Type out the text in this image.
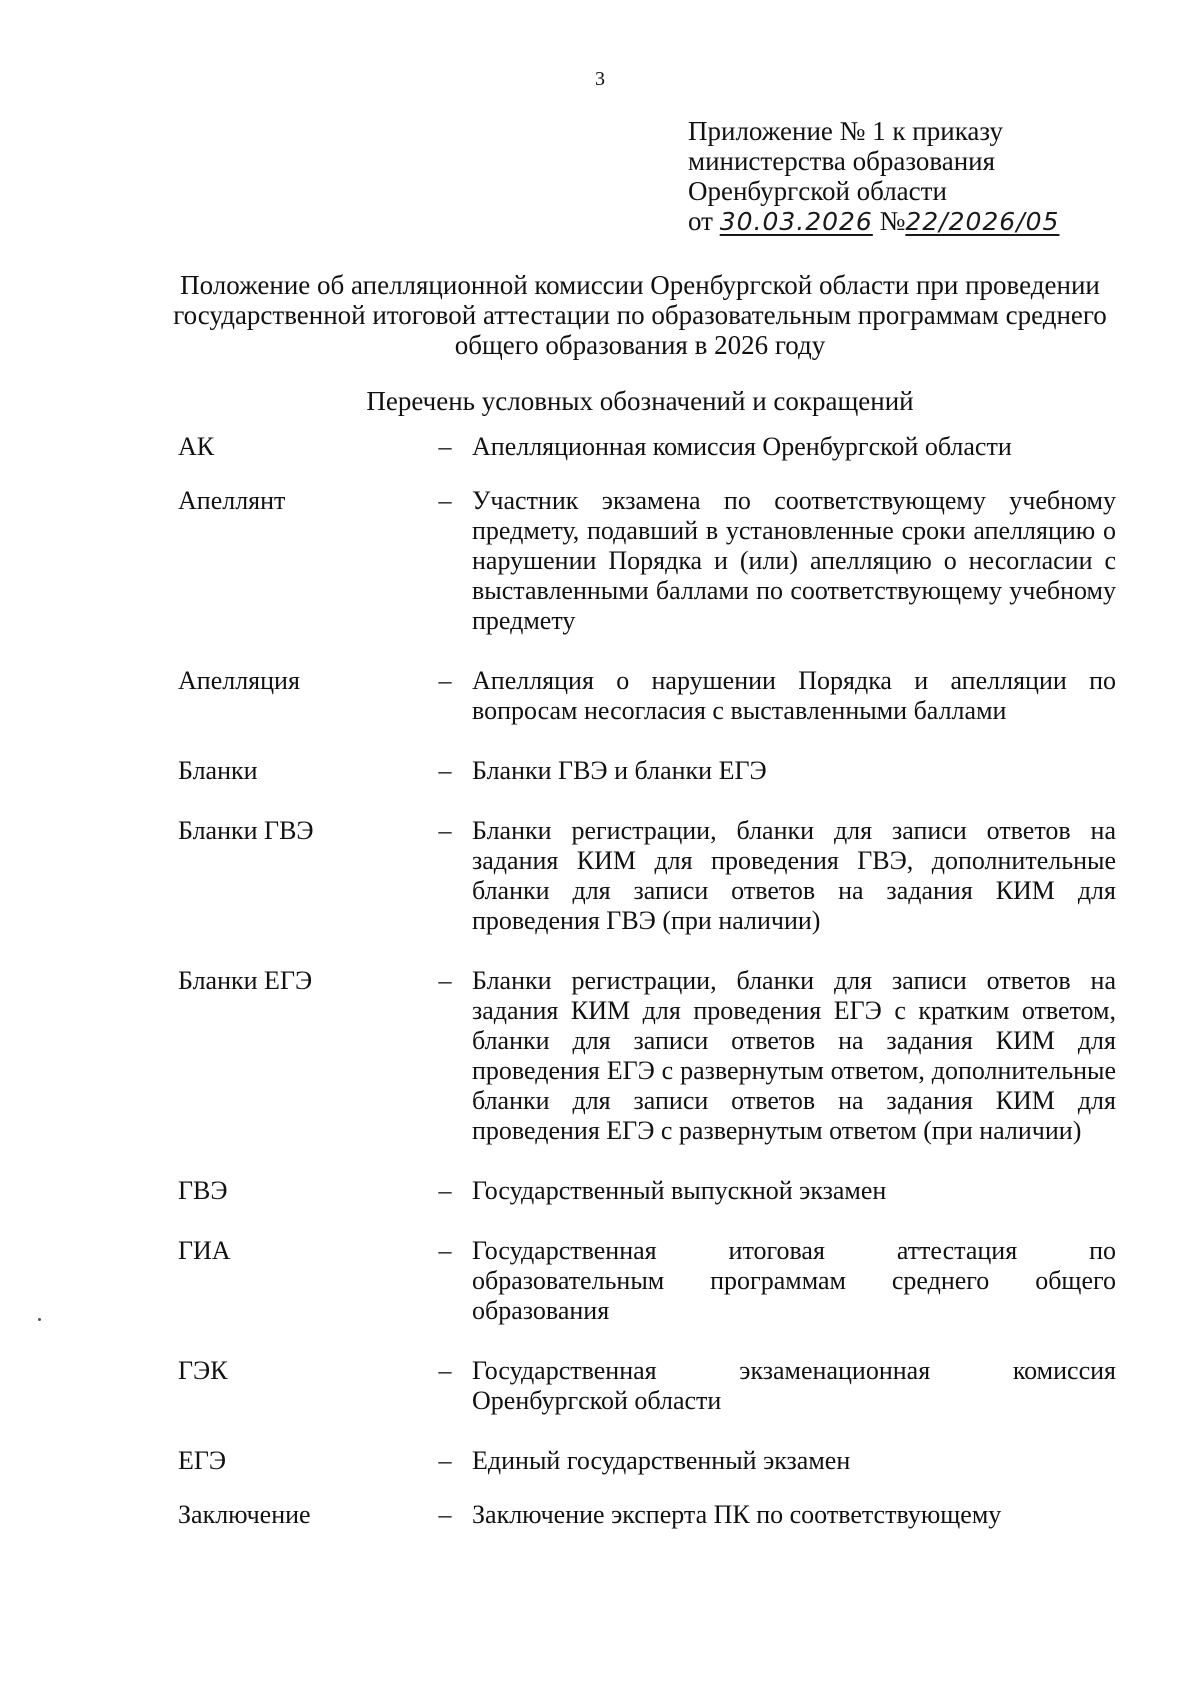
3
Приложение № 1 к приказу
министерства образования
Оренбургской области
от 30.03.2026 №22/2026/05
Положение об апелляционной комиссии Оренбургской области при проведении государственной итоговой аттестации по образовательным программам среднего общего образования в 2026 году
Перечень условных обозначений и сокращений
АК	– Апелляционная комиссия Оренбургской области
Апеллянт	– Участник экзамена по соответствующему учебному предмету, подавший в установленные сроки апелляцию о нарушении Порядка и (или) апелляцию о несогласии с выставленными баллами по соответствующему учебному предмету
Апелляция	– Апелляция о нарушении Порядка и апелляции по вопросам несогласия с выставленными баллами
Бланки	– Бланки ГВЭ и бланки ЕГЭ
Бланки ГВЭ	– Бланки регистрации, бланки для записи ответов на задания КИМ для проведения ГВЭ, дополнительные бланки для записи ответов на задания КИМ для проведения ГВЭ (при наличии)
Бланки ЕГЭ	– Бланки регистрации, бланки для записи ответов на задания КИМ для проведения ЕГЭ с кратким ответом, бланки для записи ответов на задания КИМ для проведения ЕГЭ с развернутым ответом, дополнительные бланки для записи ответов на задания КИМ для проведения ЕГЭ с развернутым ответом (при наличии)
ГВЭ	– Государственный выпускной экзамен
ГИА	– Государственная итоговая аттестация по образовательным программам среднего общего образования
ГЭК	– Государственная экзаменационная комиссия Оренбургской области
ЕГЭ	– Единый государственный экзамен
Заключение	– Заключение эксперта ПК по соответствующему
